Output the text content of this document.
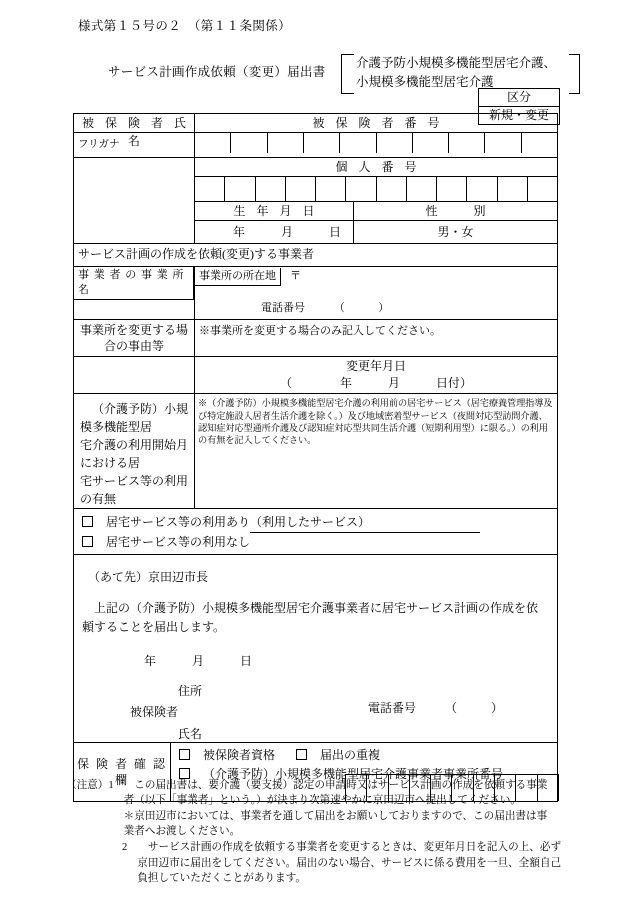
様式第１５号の２　（第１１条関係）
サービス計画作成依頼（変更）届出書
介護予防小規模多機能型居宅介護、
小規模多機能型居宅介護
区分
新規・変更
被 保 険 者 氏 名		被 保 険 者 番 号	

フリガナ			

		個 人 番 号	

		生 年 月 日	性　　別

		年　　　月　　　日	男・女

サービス計画の作成を依頼(変更)する事業者			
事 業 者 の 事 業 所 名		事業所の所在地 〒
電話番号 （ ）	

事業所を変更する場合の事由等		※事業所を変更する場合のみ記入してください。	

		変更年月日
（　　　　年　　　月　　　日付）	

（介護予防）小規模多機能型居
宅介護の利用開始月における居
宅サービス等の利用の有無		※（介護予防）小規模多機能型居宅介護の利用前の居宅サービス（居宅療養管理指導及び特定施設入居者生活介護を除く。）及び地域密着型サービス（夜間対応型訪問介護、認知症対応型通所介護及び認知症対応型共同生活介護（短期利用型）に限る。）の利用の有無を記入してください。	

居宅サービス等の利用あり（利用したサービス）
居宅サービス等の利用なし			

（あて先）京田辺市長
上記の（介護予防）小規模多機能型居宅介護事業者に居宅サービス計画の作成を依
頼することを届出します。
年　　　月　　　日
住所
被保険者	電話番号 （	）
氏名

保 険 者 確 認 欄	被保険者資格 届出の重複
（介護予防）小規模多機能型居宅介護事業者事業所番号		
（注意）1	この届出書は、要介護（要支援）認定の申請時又はサービス計画の作成を依頼する事業
者（以下「事業者」という。）が決まり次第速やかに京田辺市へ提出してください。
＊京田辺市においては、事業者を通して届出をお願いしておりますので、この届出書は事
業者へお渡しください。
2	サービス計画の作成を依頼する事業者を変更するときは、変更年月日を記入の上、必ず
京田辺市に届出をしてください。届出のない場合、サービスに係る費用を一旦、全額自己
負担していただくことがあります。
